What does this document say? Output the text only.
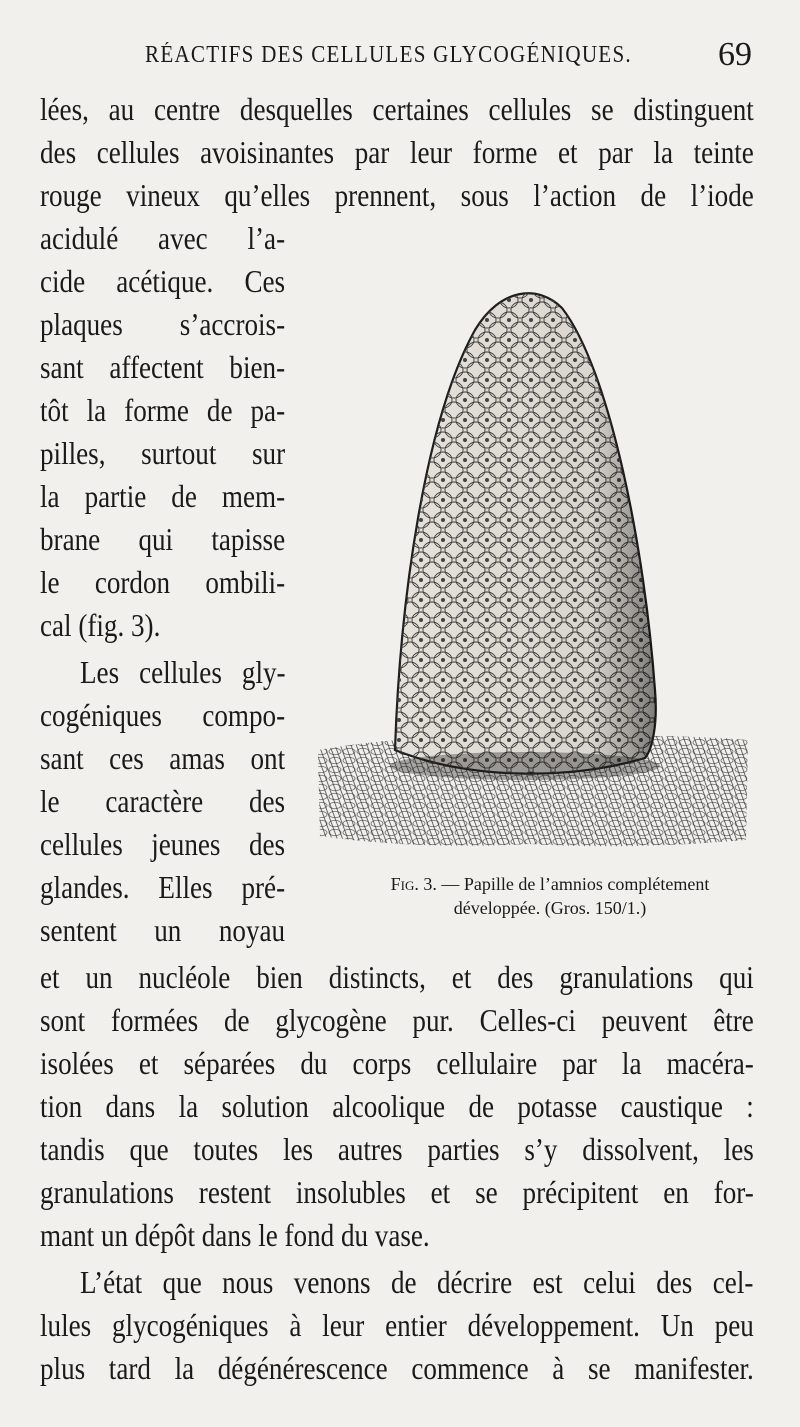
RÉACTIFS DES CELLULES GLYCOGÉNIQUES.	69
lées, au centre desquelles certaines cellules se distinguent
des cellules avoisinantes par leur forme et par la teinte
rouge vineux qu’elles prennent, sous l’action de l’iode
acidulé avec l’a-
cide acétique. Ces
plaques s’accrois-
sant affectent bien-
tôt la forme de pa-
pilles, surtout sur
la partie de mem-
brane qui tapisse
le cordon ombili-
cal (fig. 3).
Les cellules gly-
cogéniques compo-
sant ces amas ont
le caractère des
cellules jeunes des
glandes. Elles pré-
sentent un noyau
et un nucléole bien distincts, et des granulations qui
sont formées de glycogène pur. Celles-ci peuvent être
isolées et séparées du corps cellulaire par la macéra-
tion dans la solution alcoolique de potasse caustique :
tandis que toutes les autres parties s’y dissolvent, les
granulations restent insolubles et se précipitent en for-
mant un dépôt dans le fond du vase.
L’état que nous venons de décrire est celui des cel-
lules glycogéniques à leur entier développement. Un peu
plus tard la dégénérescence commence à se manifester.
Fig. 3. — Papille de l’amnios complétement
développée. (Gros. 150/1.)
